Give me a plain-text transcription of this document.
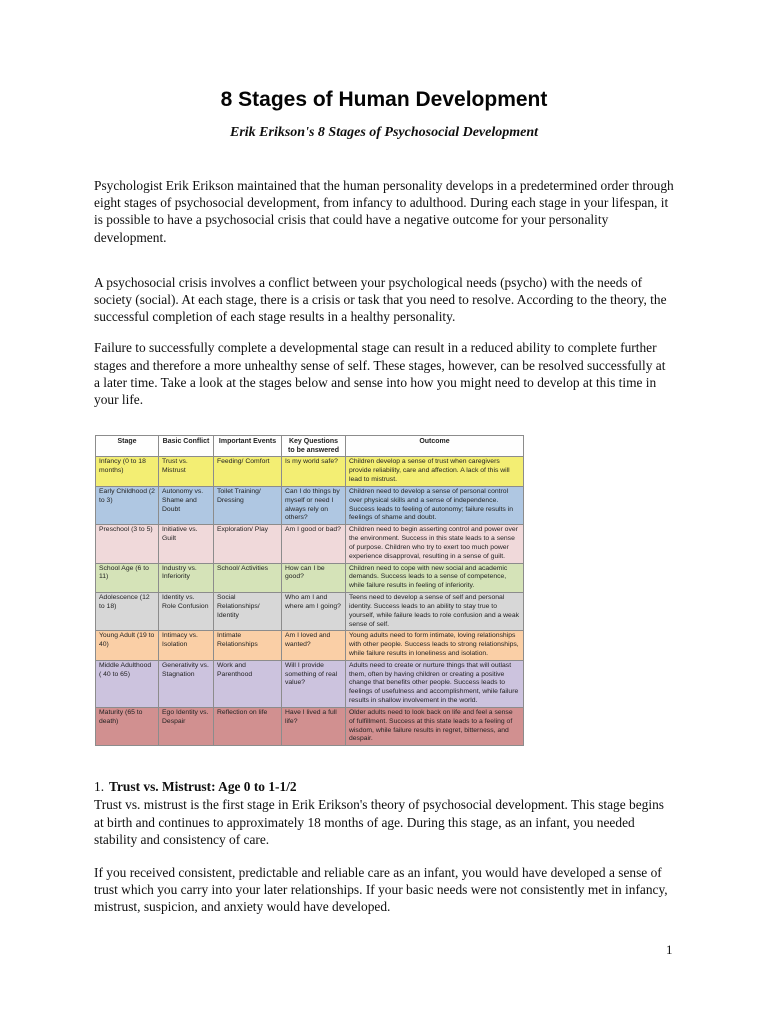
8 Stages of Human Development
Erik Erikson's 8 Stages of Psychosocial Development

Psychologist Erik Erikson maintained that the human personality develops in a predetermined order through eight stages of psychosocial development, from infancy to adulthood. During each stage in your lifespan, it is possible to have a psychosocial crisis that could have a negative outcome for your personality development.

A psychosocial crisis involves a conflict between your psychological needs (psycho) with the needs of society (social). At each stage, there is a crisis or task that you need to resolve. According to the theory, the successful completion of each stage results in a healthy personality.

Failure to successfully complete a developmental stage can result in a reduced ability to complete further stages and therefore a more unhealthy sense of self. These stages, however, can be resolved successfully at a later time. Take a look at the stages below and sense into how you might need to develop at this time in your life.

Stage	Basic Conflict	Important Events	Key Questions to be answered	Outcome
Infancy (0 to 18 months)	Trust vs. Mistrust	Feeding/ Comfort	Is my world safe?	Children develop a sense of trust when caregivers provide reliability, care and affection. A lack of this will lead to mistrust.
Early Childhood (2 to 3)	Autonomy vs. Shame and Doubt	Toilet Training/ Dressing	Can I do things by myself or need I always rely on others?	Children need to develop a sense of personal control over physical skills and a sense of independence. Success leads to feeling of autonomy; failure results in feelings of shame and doubt.
Preschool (3 to 5)	Initiative vs. Guilt	Exploration/ Play	Am I good or bad?	Children need to begin asserting control and power over the environment. Success in this state leads to a sense of purpose. Children who try to exert too much power experience disapproval, resulting in a sense of guilt.
School Age (6 to 11)	Industry vs. Inferiority	School/ Activities	How can I be good?	Children need to cope with new social and academic demands. Success leads to a sense of competence, while failure results in feeling of inferiority.
Adolescence (12 to 18)	Identity vs. Role Confusion	Social Relationships/ Identity	Who am I and where am I going?	Teens need to develop a sense of self and personal identity. Success leads to an ability to stay true to yourself, while failure leads to role confusion and a weak sense of self.
Young Adult (19 to 40)	Intimacy vs. Isolation	Intimate Relationships	Am I loved and wanted?	Young adults need to form intimate, loving relationships with other people. Success leads to strong relationships, while failure results in loneliness and isolation.
Middle Adulthood ( 40 to 65)	Generativity vs. Stagnation	Work and Parenthood	Will I provide something of real value?	Adults need to create or nurture things that will outlast them, often by having children or creating a positive change that benefits other people. Success leads to feelings of usefulness and accomplishment, while failure results in shallow involvement in the world.
Maturity (65 to death)	Ego Identity vs. Despair	Reflection on life	Have I lived a full life?	Older adults need to look back on life and feel a sense of fulfillment. Success at this state leads to a feeling of wisdom, while failure results in regret, bitterness, and despair.

1. Trust vs. Mistrust: Age 0 to 1-1/2

Trust vs. mistrust is the first stage in Erik Erikson's theory of psychosocial development. This stage begins at birth and continues to approximately 18 months of age. During this stage, as an infant, you needed stability and consistency of care.

If you received consistent, predictable and reliable care as an infant, you would have developed a sense of trust which you carry into your later relationships. If your basic needs were not consistently met in infancy, mistrust, suspicion, and anxiety would have developed.

1
